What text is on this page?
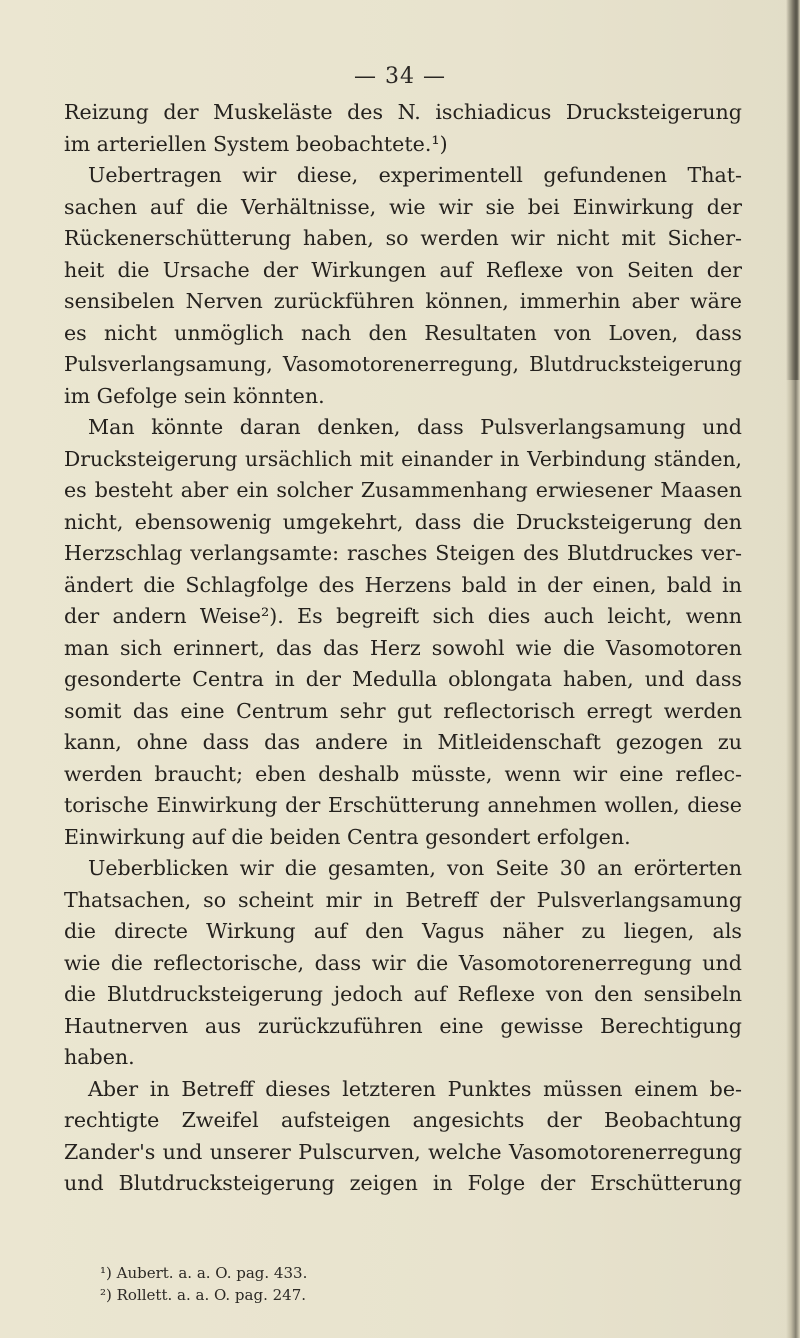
— 34 —
Reizung der Muskeläste des N. ischiadicus Drucksteigerung
im arteriellen System beobachtete.¹)
Uebertragen wir diese, experimentell gefundenen That-
sachen auf die Verhältnisse, wie wir sie bei Einwirkung der
Rückenerschütterung haben, so werden wir nicht mit Sicher-
heit die Ursache der Wirkungen auf Reflexe von Seiten der
sensibelen Nerven zurückführen können, immerhin aber wäre
es nicht unmöglich nach den Resultaten von Loven, dass
Pulsverlangsamung, Vasomotorenerregung, Blutdrucksteigerung
im Gefolge sein könnten.
Man könnte daran denken, dass Pulsverlangsamung und
Drucksteigerung ursächlich mit einander in Verbindung ständen,
es besteht aber ein solcher Zusammenhang erwiesener Maasen
nicht, ebensowenig umgekehrt, dass die Drucksteigerung den
Herzschlag verlangsamte: rasches Steigen des Blutdruckes ver-
ändert die Schlagfolge des Herzens bald in der einen, bald in
der andern Weise²). Es begreift sich dies auch leicht, wenn
man sich erinnert, das das Herz sowohl wie die Vasomotoren
gesonderte Centra in der Medulla oblongata haben, und dass
somit das eine Centrum sehr gut reflectorisch erregt werden
kann, ohne dass das andere in Mitleidenschaft gezogen zu
werden braucht; eben deshalb müsste, wenn wir eine reflec-
torische Einwirkung der Erschütterung annehmen wollen, diese
Einwirkung auf die beiden Centra gesondert erfolgen.
Ueberblicken wir die gesamten, von Seite 30 an erörterten
Thatsachen, so scheint mir in Betreff der Pulsverlangsamung
die directe Wirkung auf den Vagus näher zu liegen, als
wie die reflectorische, dass wir die Vasomotorenerregung und
die Blutdrucksteigerung jedoch auf Reflexe von den sensibeln
Hautnerven aus zurückzuführen eine gewisse Berechtigung
haben.
Aber in Betreff dieses letzteren Punktes müssen einem be-
rechtigte Zweifel aufsteigen angesichts der Beobachtung
Zander's und unserer Pulscurven, welche Vasomotorenerregung
und Blutdrucksteigerung zeigen in Folge der Erschütterung
¹) Aubert. a. a. O. pag. 433.
²) Rollett. a. a. O. pag. 247.
